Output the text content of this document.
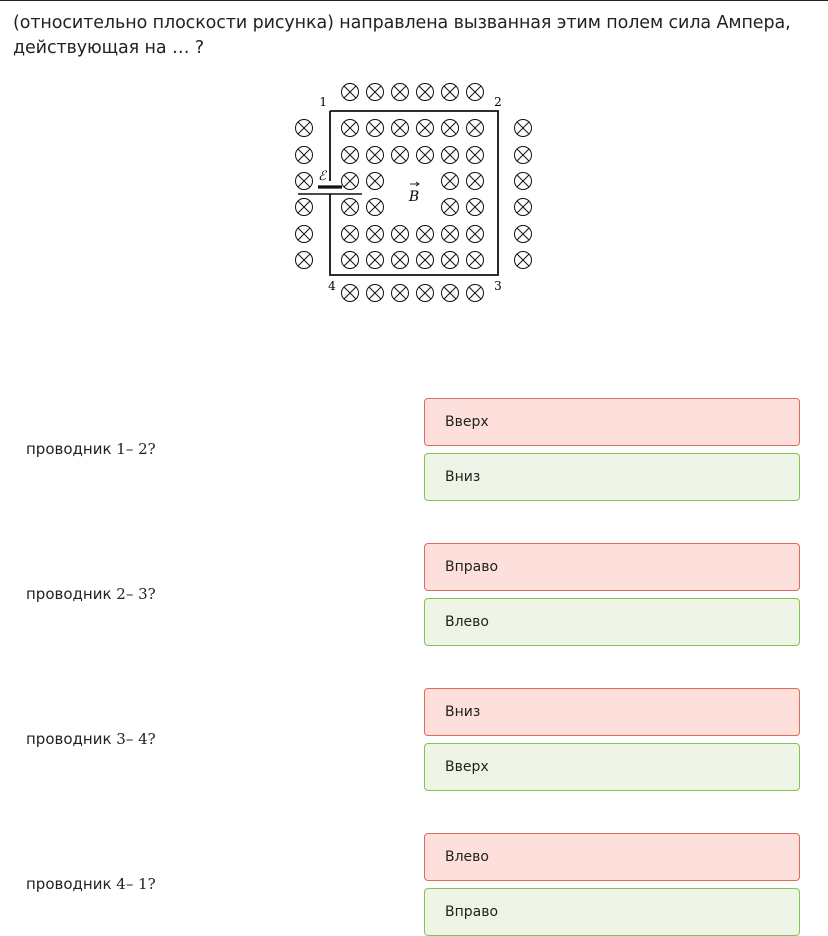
(относительно плоскости рисунка) направлена вызванная этим полем сила Ампера,
действующая на … ?
1	2
3
4
ℰ
B
проводник 1– 2?
Вверх
Вниз
проводник 2– 3?
Вправо
Влево
проводник 3– 4?
Вниз
Вверх
проводник 4– 1?
Влево
Вправо
